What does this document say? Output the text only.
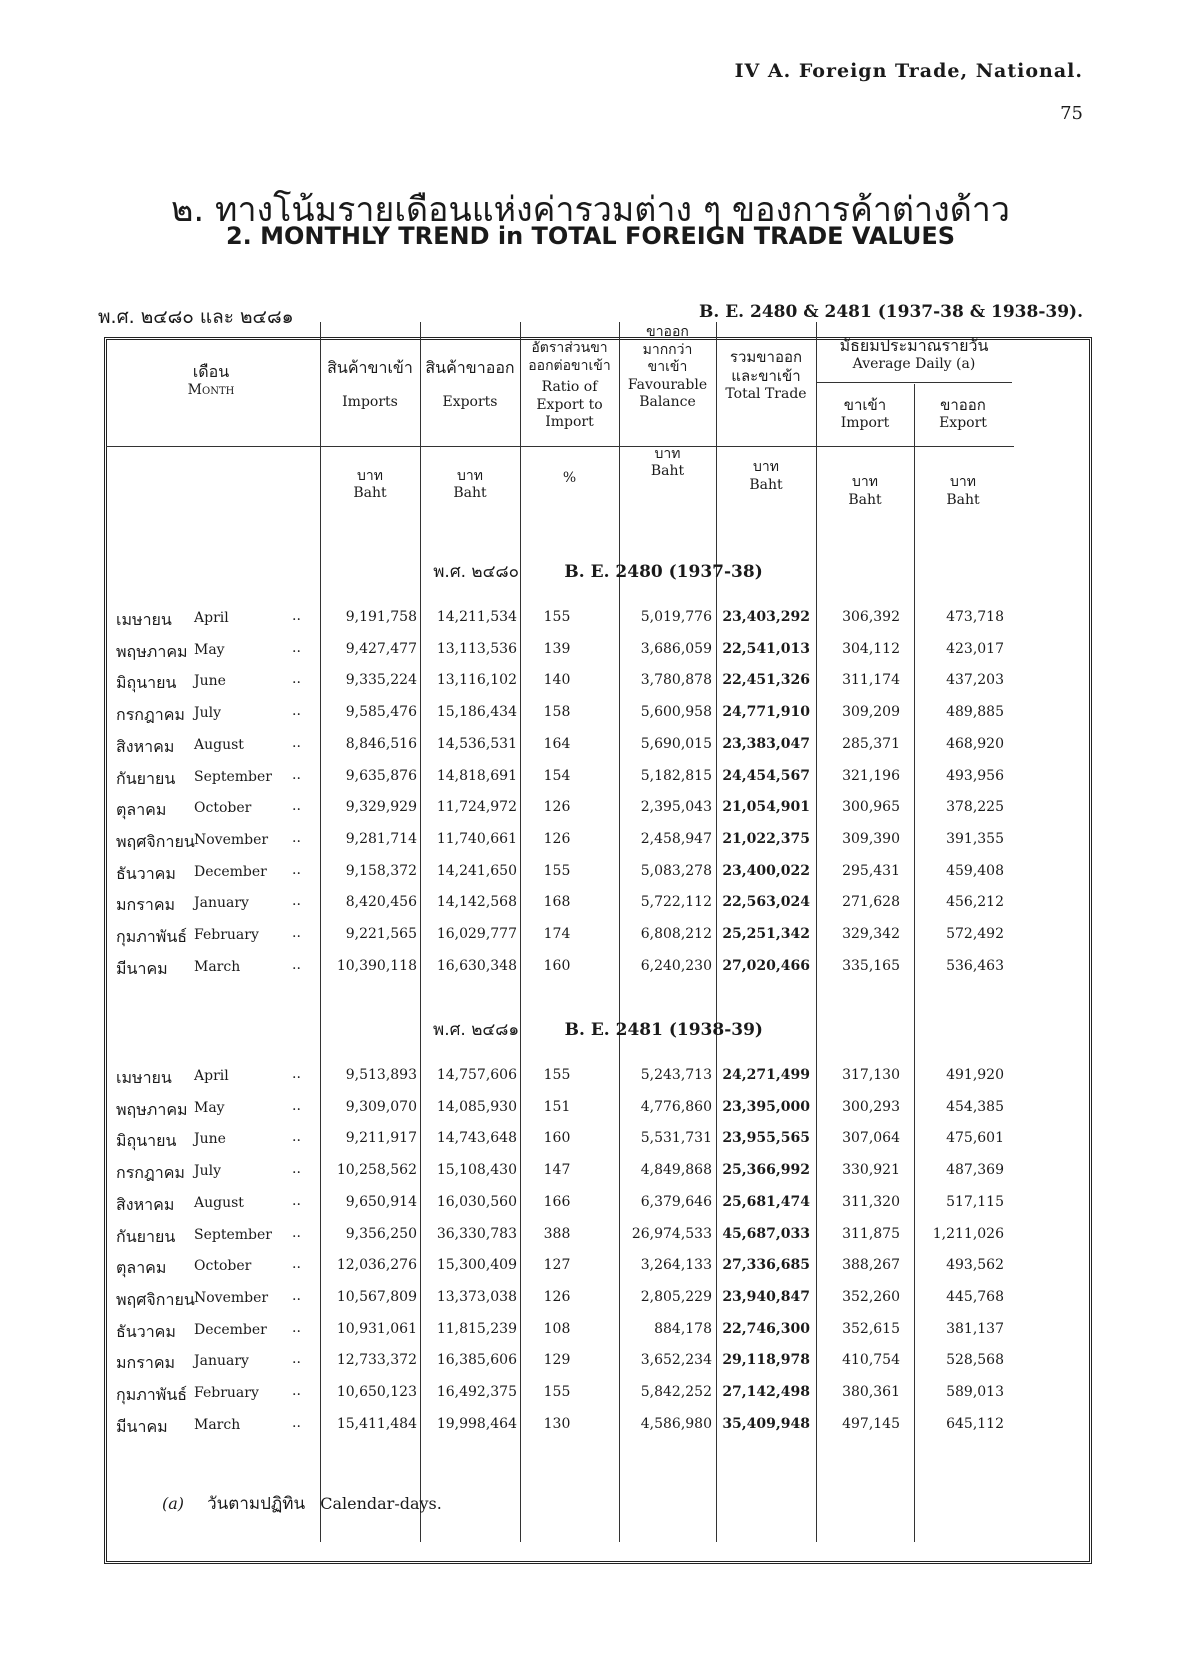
IV A. Foreign Trade, National.
75
๒. ทางโน้มรายเดือนแห่งค่ารวมต่าง ๆ ของการค้าต่างด้าว
2. MONTHLY TREND in TOTAL FOREIGN TRADE VALUES
พ.ศ. ๒๔๘๐ และ ๒๔๘๑	B. E. 2480 & 2481 (1937-38 & 1938-39).
เดือน
Month
สินค้าขาเข้า
Imports
บาท
Baht
สินค้าขาออก
Exports
บาท
Baht
อัตราส่วนขา
ออกต่อขาเข้า
Ratio of
Export to
Import
%
ขาออก
มากกว่า
ขาเข้า
Favourable
Balance
บาท
Baht
รวมขาออก
และขาเข้า
Total Trade
บาท
Baht
มัธยมประมาณรายวัน
Average Daily (a)
ขาเข้า
Import
บาท
Baht
ขาออก
Export
บาท
Baht
พ.ศ. ๒๔๘๐	B. E. 2480 (1937-38)
พ.ศ. ๒๔๘๑	B. E. 2481 (1938-39)
เมษายน April	..	9,191,758	14,211,534	155	5,019,776 23,403,292	306,392	473,718
พฤษภาคม May	..	9,427,477	13,113,536	139	3,686,059 22,541,013	304,112	423,017
มิถุนายน June	..	9,335,224	13,116,102	140	3,780,878 22,451,326	311,174	437,203
กรกฎาคม July	..	9,585,476	15,186,434	158	5,600,958 24,771,910	309,209	489,885
สิงหาคม August	..	8,846,516	14,536,531	164	5,690,015 23,383,047	285,371	468,920
กันยายน September ..	9,635,876	14,818,691	154	5,182,815 24,454,567	321,196	493,956
ตุลาคม October	..	9,329,929	11,724,972	126	2,395,043 21,054,901	300,965	378,225
พฤศจิกายน November ..	9,281,714	11,740,661	126	2,458,947 21,022,375	309,390	391,355
ธันวาคม December ..	9,158,372	14,241,650	155	5,083,278 23,400,022	295,431	459,408
มกราคม January	..	8,420,456	14,142,568	168	5,722,112 22,563,024	271,628	456,212
กุมภาพันธ์ February ..	9,221,565	16,029,777	174	6,808,212 25,251,342	329,342	572,492
มีนาคม March	..	10,390,118	16,630,348	160	6,240,230 27,020,466	335,165	536,463
เมษายน April	..	9,513,893	14,757,606	155	5,243,713 24,271,499	317,130	491,920
พฤษภาคม May	..	9,309,070	14,085,930	151	4,776,860 23,395,000	300,293	454,385
มิถุนายน June	..	9,211,917	14,743,648	160	5,531,731 23,955,565	307,064	475,601
กรกฎาคม July	..	10,258,562	15,108,430	147	4,849,868 25,366,992	330,921	487,369
สิงหาคม August	..	9,650,914	16,030,560	166	6,379,646 25,681,474	311,320	517,115
กันยายน September ..	9,356,250	36,330,783	388	26,974,533 45,687,033	311,875	1,211,026
ตุลาคม October	..	12,036,276	15,300,409	127	3,264,133 27,336,685	388,267	493,562
พฤศจิกายน November ..	10,567,809	13,373,038	126	2,805,229 23,940,847	352,260	445,768
ธันวาคม December ..	10,931,061	11,815,239	108	884,178 22,746,300	352,615	381,137
มกราคม January	..	12,733,372	16,385,606	129	3,652,234 29,118,978	410,754	528,568
กุมภาพันธ์ February ..	10,650,123	16,492,375	155	5,842,252 27,142,498	380,361	589,013
มีนาคม March	..	15,411,484	19,998,464	130	4,586,980 35,409,948	497,145	645,112
(a) วันตามปฏิทิน Calendar-days.
